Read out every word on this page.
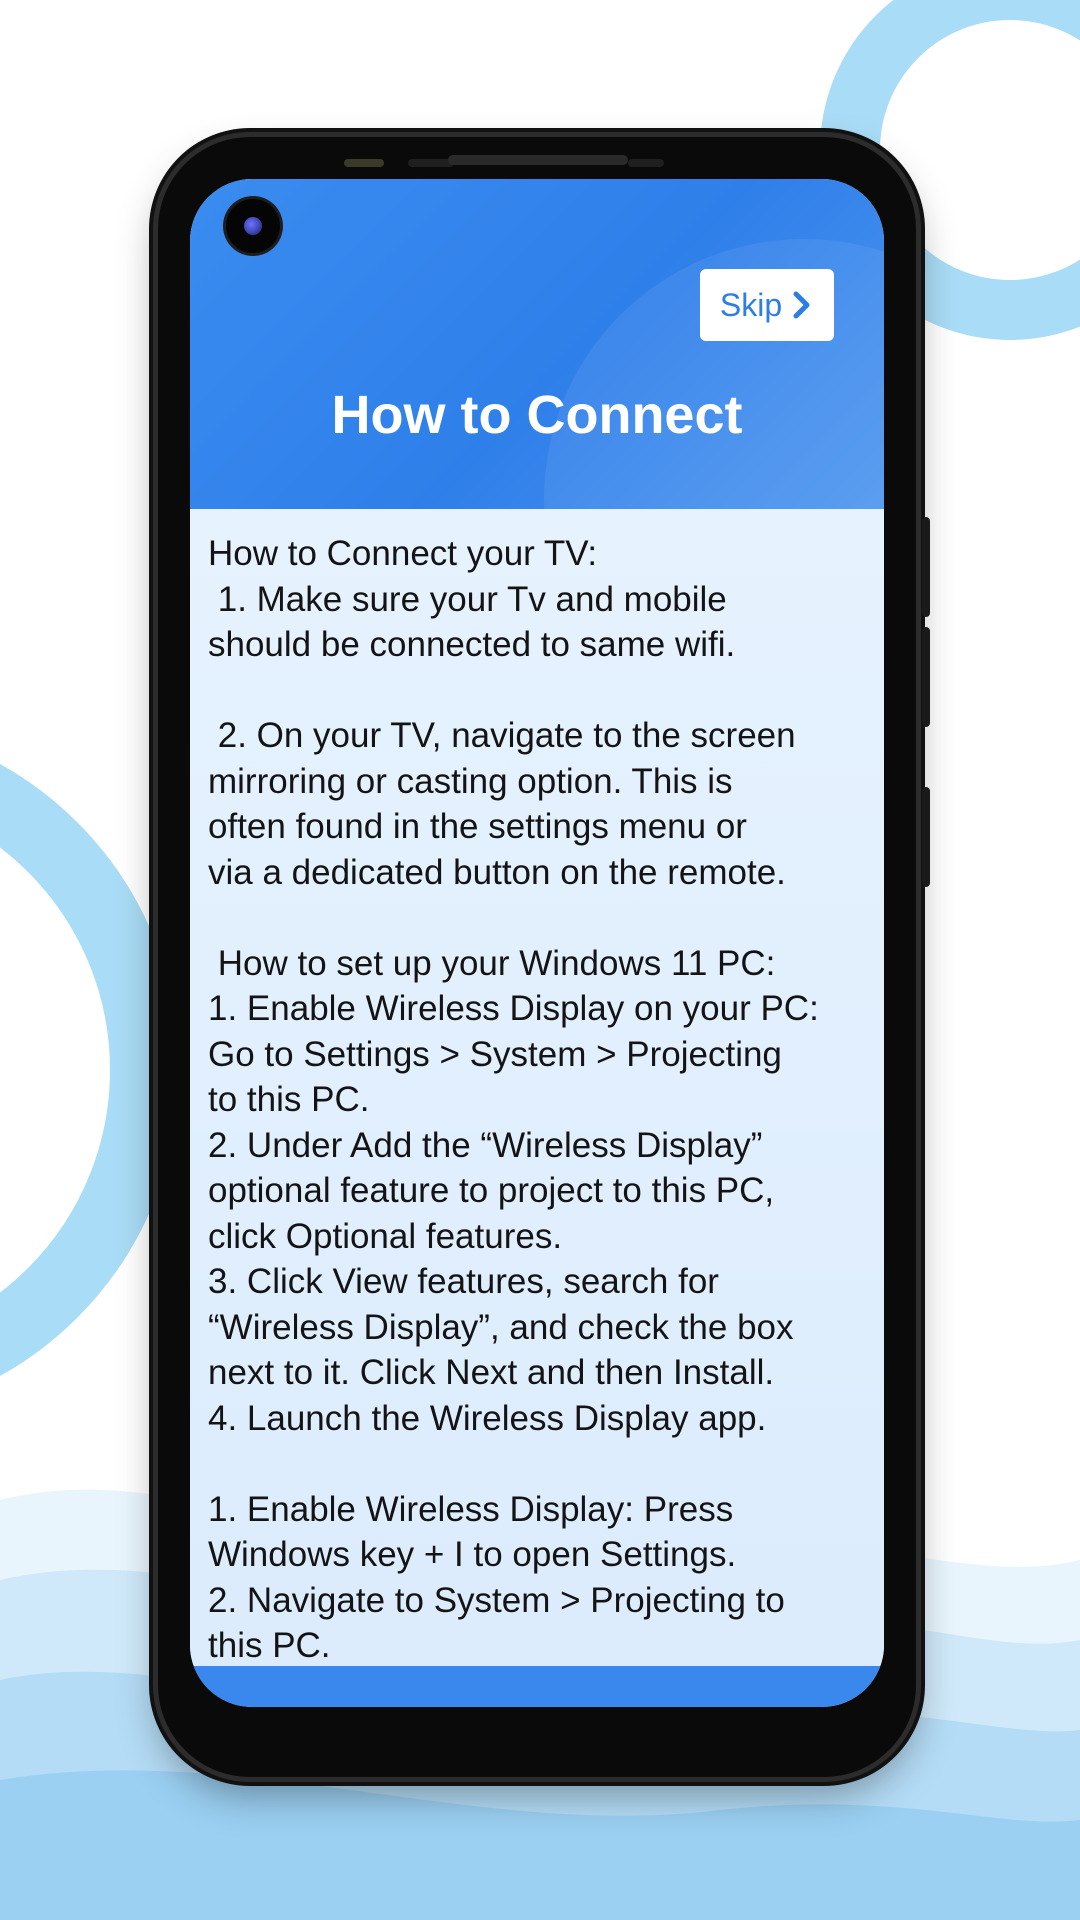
Skip
How to Connect
How to Connect your TV:
1. Make sure your Tv and mobile
should be connected to same wifi.

2. On your TV, navigate to the screen
mirroring or casting option. This is
often found in the settings menu or
via a dedicated button on the remote.

How to set up your Windows 11 PC:
1. Enable Wireless Display on your PC:
Go to Settings > System > Projecting
to this PC.
2. Under Add the “Wireless Display”
optional feature to project to this PC,
click Optional features.
3. Click View features, search for
“Wireless Display”, and check the box
next to it. Click Next and then Install.
4. Launch the Wireless Display app.

1. Enable Wireless Display: Press
Windows key + I to open Settings.
2. Navigate to System > Projecting to
this PC.
